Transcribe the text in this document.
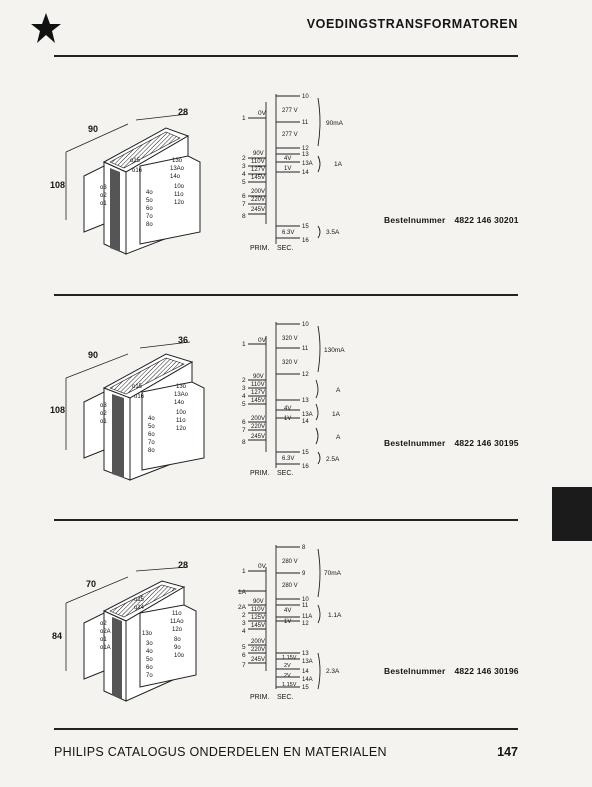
VOEDINGSTRANSFORMATOREN
90
28
108	o3
o2
o1
o15
o16
13o
13Ao
14o
10o
11o
12o
4o
5o
6o
7o
8o
0V
90V
110V
127V
145V
200V
220V
245V
1
2
3
4
5
6
7
8
277 V
277 V
4V
1V
6.3V
10
11
12
13
13A
14
15
16
90mA
1A
3.5A
PRIM. SEC.
Bestelnummer 4822 146 30201
90
36
108	o3
o2
o1
o15
o16
13o
13Ao
14o
10o
11o
12o
4o
5o
6o
7o
8o
0V
90V
110V
127V
145V
200V
220V
245V
1
2
3
4
5
6
7
8
320 V
320 V
4V
1V
6.3V
10
11
12
13
13A
14
15
16
130mA
A
1A
A
2.5A
PRIM. SEC.
Bestelnummer 4822 146 30195
70
28
84
o2
o2A
o1
o1A
o15
o14
11o
11Ao
12o
8o
9o
10o
13o
3o
4o
5o
6o
7o
0V
90V
110V
125V
145V
200V
220V
245V
1
1A
2A
2
3
4
5
6
7
280 V
280 V
4V
1V
1.15V
2V
2V
1.15V
8
9
10
11
11A
12
13
13A
14
14A
15
70mA
1.1A
2.3A
PRIM. SEC.
Bestelnummer 4822 146 30196
PHILIPS CATALOGUS ONDERDELEN EN MATERIALEN	147
